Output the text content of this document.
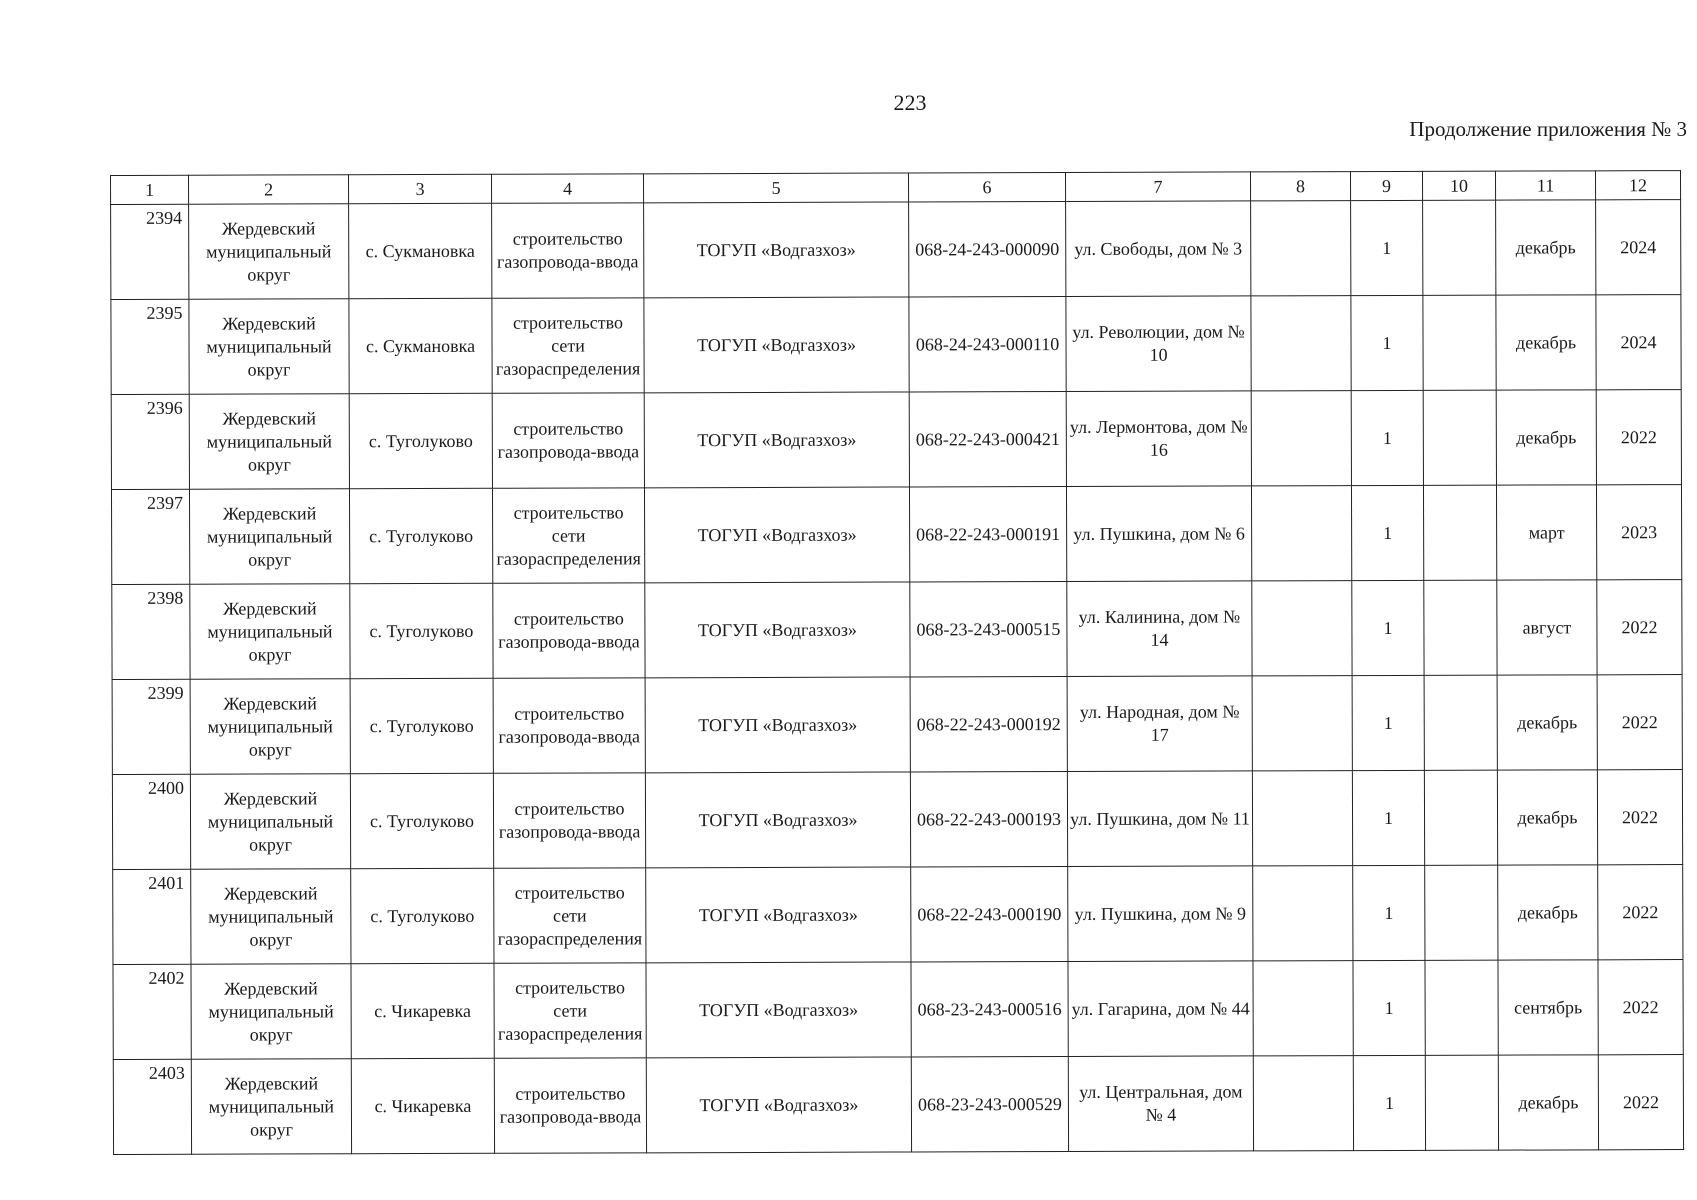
223
Продолжение приложения № 3
1	2	3	4	5	6	7	8	9	10	11	12
2394	Жердевский муниципальный округ	с. Сукмановка	строительство газопровода-ввода	ТОГУП «Водгазхоз»	068-24-243-000090	ул. Свободы, дом № 3		1		декабрь	2024
2395	Жердевский муниципальный округ	с. Сукмановка	строительство сети газораспределения	ТОГУП «Водгазхоз»	068-24-243-000110	ул. Революции, дом № 10		1		декабрь	2024
2396	Жердевский муниципальный округ	с. Туголуково	строительство газопровода-ввода	ТОГУП «Водгазхоз»	068-22-243-000421	ул. Лермонтова, дом № 16		1		декабрь	2022
2397	Жердевский муниципальный округ	с. Туголуково	строительство сети газораспределения	ТОГУП «Водгазхоз»	068-22-243-000191	ул. Пушкина, дом № 6		1		март	2023
2398	Жердевский муниципальный округ	с. Туголуково	строительство газопровода-ввода	ТОГУП «Водгазхоз»	068-23-243-000515	ул. Калинина, дом № 14		1		август	2022
2399	Жердевский муниципальный округ	с. Туголуково	строительство газопровода-ввода	ТОГУП «Водгазхоз»	068-22-243-000192	ул. Народная, дом № 17		1		декабрь	2022
2400	Жердевский муниципальный округ	с. Туголуково	строительство газопровода-ввода	ТОГУП «Водгазхоз»	068-22-243-000193	ул. Пушкина, дом № 11		1		декабрь	2022
2401	Жердевский муниципальный округ	с. Туголуково	строительство сети газораспределения	ТОГУП «Водгазхоз»	068-22-243-000190	ул. Пушкина, дом № 9		1		декабрь	2022
2402	Жердевский муниципальный округ	с. Чикаревка	строительство сети газораспределения	ТОГУП «Водгазхоз»	068-23-243-000516	ул. Гагарина, дом № 44		1		сентябрь	2022
2403	Жердевский муниципальный округ	с. Чикаревка	строительство газопровода-ввода	ТОГУП «Водгазхоз»	068-23-243-000529	ул. Центральная, дом № 4		1		декабрь	2022
